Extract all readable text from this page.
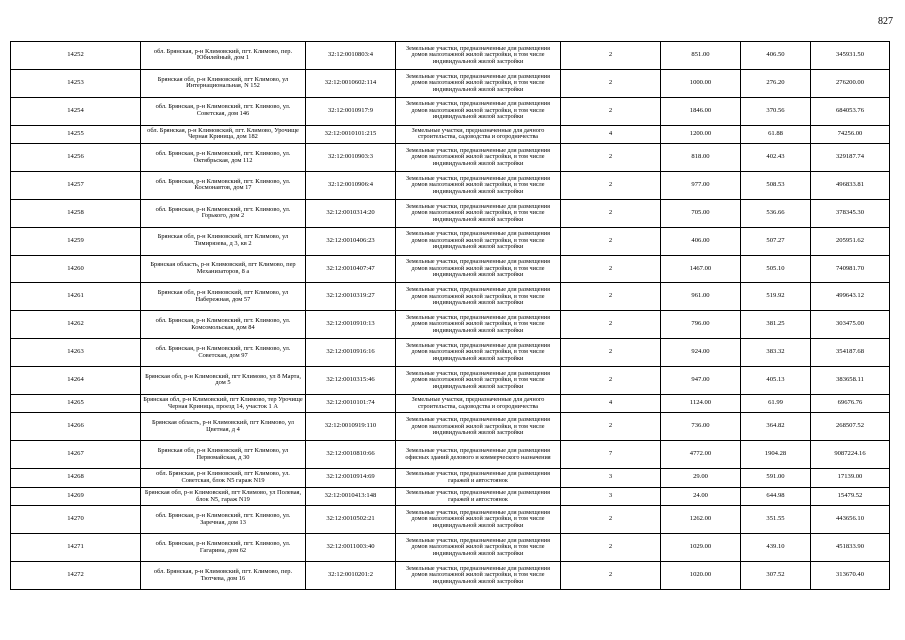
827
14252	обл. Брянская, р-н Климовский, пгт. Климово, пер. Юбилейный, дом 1	32:12:0010803:4	Земельные участки, предназначенные для размещения домов малоэтажной жилой застройки, в том числе индивидуальной жилой застройки	2	851.00	406.50	345931.50
14253	Брянская обл, р-н Климовский, пгт Климово, ул Интернациональная, N 152	32:12:0010602:114	Земельные участки, предназначенные для размещения домов малоэтажной жилой застройки, в том числе индивидуальной жилой застройки	2	1000.00	276.20	276200.00
14254	обл. Брянская, р-н Климовский, пгт. Климово, ул. Советская, дом 146	32:12:0010917:9	Земельные участки, предназначенные для размещения домов малоэтажной жилой застройки, в том числе индивидуальной жилой застройки	2	1846.00	370.56	684053.76
14255	обл. Брянская, р-н Климовский, пгт. Климово, Урочище Черная Криница, дом 182	32:12:0010101:215	Земельные участки, предназначенные для дачного строительства, садоводства и огородничества	4	1200.00	61.88	74256.00
14256	обл. Брянская, р-н Климовский, пгт. Климово, ул. Октябрьская, дом 112	32:12:0010903:3	Земельные участки, предназначенные для размещения домов малоэтажной жилой застройки, в том числе индивидуальной жилой застройки	2	818.00	402.43	329187.74
14257	обл. Брянская, р-н Климовский, пгт. Климово, ул. Космонавтов, дом 17	32:12:0010906:4	Земельные участки, предназначенные для размещения домов малоэтажной жилой застройки, в том числе индивидуальной жилой застройки	2	977.00	508.53	496833.81
14258	обл. Брянская, р-н Климовский, пгт. Климово, ул. Горького, дом 2	32:12:0010314:20	Земельные участки, предназначенные для размещения домов малоэтажной жилой застройки, в том числе индивидуальной жилой застройки	2	705.00	536.66	378345.30
14259	Брянская обл, р-н Климовский, пгт Климово, ул Тимирязева, д 3, кв 2	32:12:0010406:23	Земельные участки, предназначенные для размещения домов малоэтажной жилой застройки, в том числе индивидуальной жилой застройки	2	406.00	507.27	205951.62
14260	Брянская область, р-н Климовский, пгт Климово, пер Механизаторов, 8 а	32:12:0010407:47	Земельные участки, предназначенные для размещения домов малоэтажной жилой застройки, в том числе индивидуальной жилой застройки	2	1467.00	505.10	740981.70
14261	Брянская обл, р-н Климовский, пгт Климово, ул Набережная, дом 57	32:12:0010319:27	Земельные участки, предназначенные для размещения домов малоэтажной жилой застройки, в том числе индивидуальной жилой застройки	2	961.00	519.92	499643.12
14262	обл. Брянская, р-н Климовский, пгт. Климово, ул. Комсомольская, дом 84	32:12:0010910:13	Земельные участки, предназначенные для размещения домов малоэтажной жилой застройки, в том числе индивидуальной жилой застройки	2	796.00	381.25	303475.00
14263	обл. Брянская, р-н Климовский, пгт. Климово, ул. Советская, дом 97	32:12:0010916:16	Земельные участки, предназначенные для размещения домов малоэтажной жилой застройки, в том числе индивидуальной жилой застройки	2	924.00	383.32	354187.68
14264	Брянская обл, р-н Климовский, пгт Климово, ул 8 Марта, дом 5	32:12:0010315:46	Земельные участки, предназначенные для размещения домов малоэтажной жилой застройки, в том числе индивидуальной жилой застройки	2	947.00	405.13	383658.11
14265	Брянская обл, р-н Климовский, пгт Климово, тер Урочище Черная Криница, проезд 14, участок 1 А	32:12:0010101:74	Земельные участки, предназначенные для дачного строительства, садоводства и огородничества	4	1124.00	61.99	69676.76
14266	Брянская область, р-н Климовский, пгт Климово, ул Цветная, д 4	32:12:0010919:110	Земельные участки, предназначенные для размещения домов малоэтажной жилой застройки, в том числе индивидуальной жилой застройки	2	736.00	364.82	268507.52
14267	Брянская обл, р-н Климовский, пгт Климово, ул Первомайская, д 30	32:12:0010810:66	Земельные участки, предназначенные для размещения офисных зданий делового и коммерческого назначения	7	4772.00	1904.28	9087224.16
14268	обл. Брянская, р-н Климовский, пгт Климово, ул. Советская, блок N5 гараж N19	32:12:0010914:69	Земельные участки, предназначенные для размещения гаражей и автостоянок	3	29.00	591.00	17139.00
14269	Брянская обл, р-н Климовский, пгт Климово, ул Полевая, блок N5, гараж N19	32:12:0010413:148	Земельные участки, предназначенные для размещения гаражей и автостоянок	3	24.00	644.98	15479.52
14270	обл. Брянская, р-н Климовский, пгт. Климово, ул. Заречная, дом 13	32:12:0010502:21	Земельные участки, предназначенные для размещения домов малоэтажной жилой застройки, в том числе индивидуальной жилой застройки	2	1262.00	351.55	443656.10
14271	обл. Брянская, р-н Климовский, пгт. Климово, ул. Гагарина, дом 62	32:12:0011003:40	Земельные участки, предназначенные для размещения домов малоэтажной жилой застройки, в том числе индивидуальной жилой застройки	2	1029.00	439.10	451833.90
14272	обл. Брянская, р-н Климовский, пгт. Климово, пер. Тютчева, дом 16	32:12:0010201:2	Земельные участки, предназначенные для размещения домов малоэтажной жилой застройки, в том числе индивидуальной жилой застройки	2	1020.00	307.52	313670.40
